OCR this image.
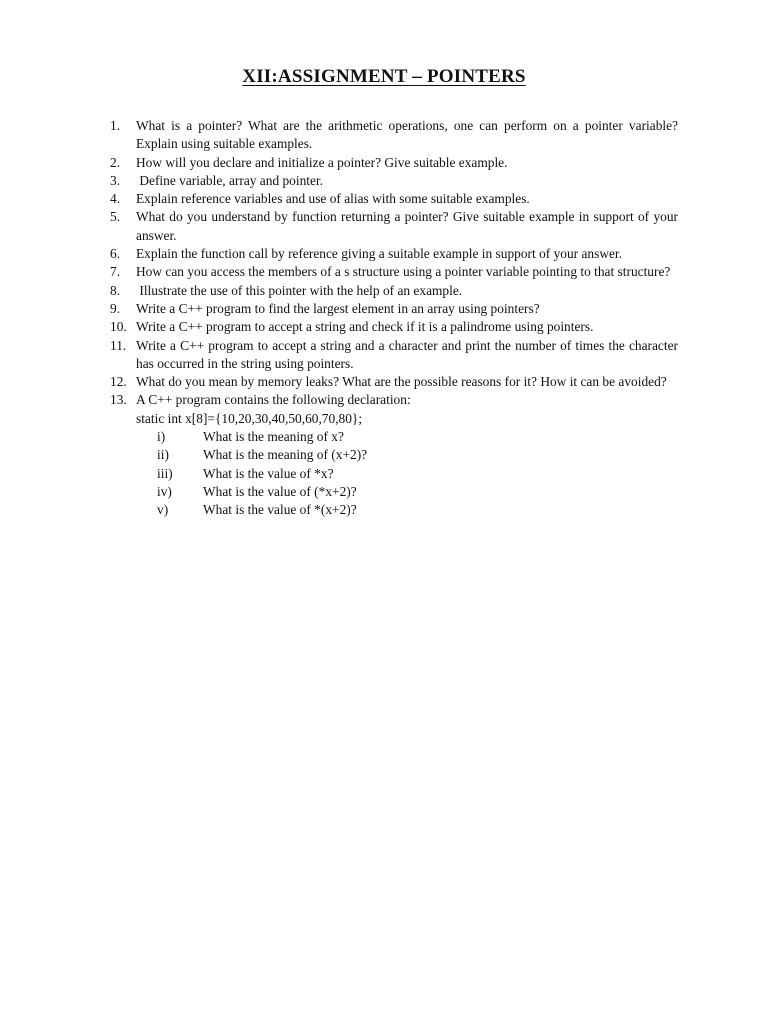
XII:ASSIGNMENT – POINTERS
1.	What is a pointer? What are the arithmetic operations, one can perform on a pointer variable? Explain using suitable examples.
2.	How will you declare and initialize a pointer? Give suitable example.
3.	Define variable, array and pointer.
4.	Explain reference variables and use of alias with some suitable examples.
5.	What do you understand by function returning a pointer? Give suitable example in support of your answer.
6.	Explain the function call by reference giving a suitable example in support of your answer.
7.	How can you access the members of a s structure using a pointer variable pointing to that structure?
8.	Illustrate the use of this pointer with the help of an example.
9.	Write a C++ program to find the largest element in an array using pointers?
10. Write a C++ program to accept a string and check if it is a palindrome using pointers.
11. Write a C++ program to accept a string and a character and print the number of times the character has occurred in the string using pointers.
12. What do you mean by memory leaks? What are the possible reasons for it? How it can be avoided?
13. A C++ program contains the following declaration:
static int x[8]={10,20,30,40,50,60,70,80};
i)	What is the meaning of x?
ii)	What is the meaning of (x+2)?
iii) What is the value of *x?
iv) What is the value of (*x+2)?
v)	What is the value of *(x+2)?
